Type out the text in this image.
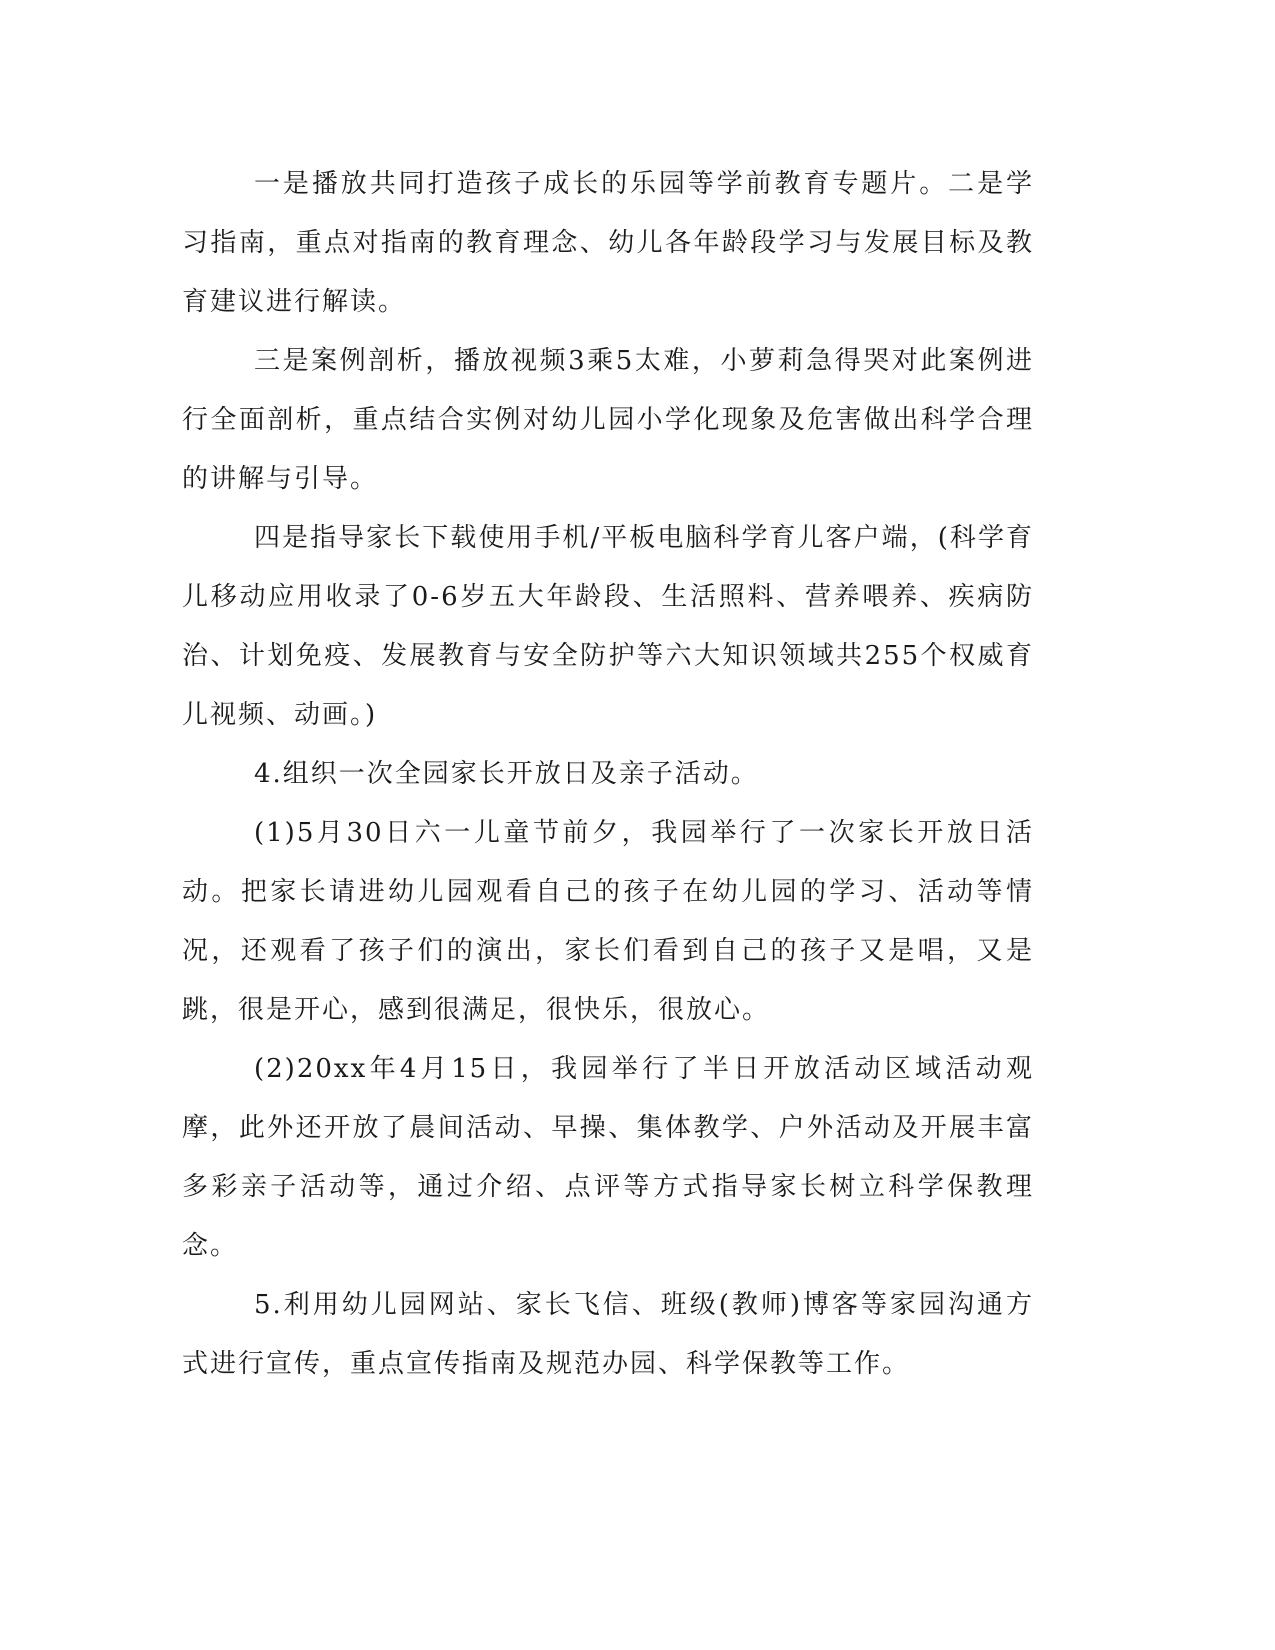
一是播放共同打造孩子成长的乐园等学前教育专题片。二是学习指南，重点对指南的教育理念、幼儿各年龄段学习与发展目标及教育建议进行解读。

三是案例剖析，播放视频3乘5太难，小萝莉急得哭对此案例进行全面剖析，重点结合实例对幼儿园小学化现象及危害做出科学合理的讲解与引导。

四是指导家长下载使用手机/平板电脑科学育儿客户端，(科学育儿移动应用收录了0-6岁五大年龄段、生活照料、营养喂养、疾病防治、计划免疫、发展教育与安全防护等六大知识领域共255个权威育儿视频、动画。)

4.组织一次全园家长开放日及亲子活动。

(1)5月30日六一儿童节前夕，我园举行了一次家长开放日活动。把家长请进幼儿园观看自己的孩子在幼儿园的学习、活动等情况，还观看了孩子们的演出，家长们看到自己的孩子又是唱，又是跳，很是开心，感到很满足，很快乐，很放心。

(2)20xx年4月15日，我园举行了半日开放活动区域活动观摩，此外还开放了晨间活动、早操、集体教学、户外活动及开展丰富多彩亲子活动等，通过介绍、点评等方式指导家长树立科学保教理念。

5.利用幼儿园网站、家长飞信、班级(教师)博客等家园沟通方式进行宣传，重点宣传指南及规范办园、科学保教等工作。
